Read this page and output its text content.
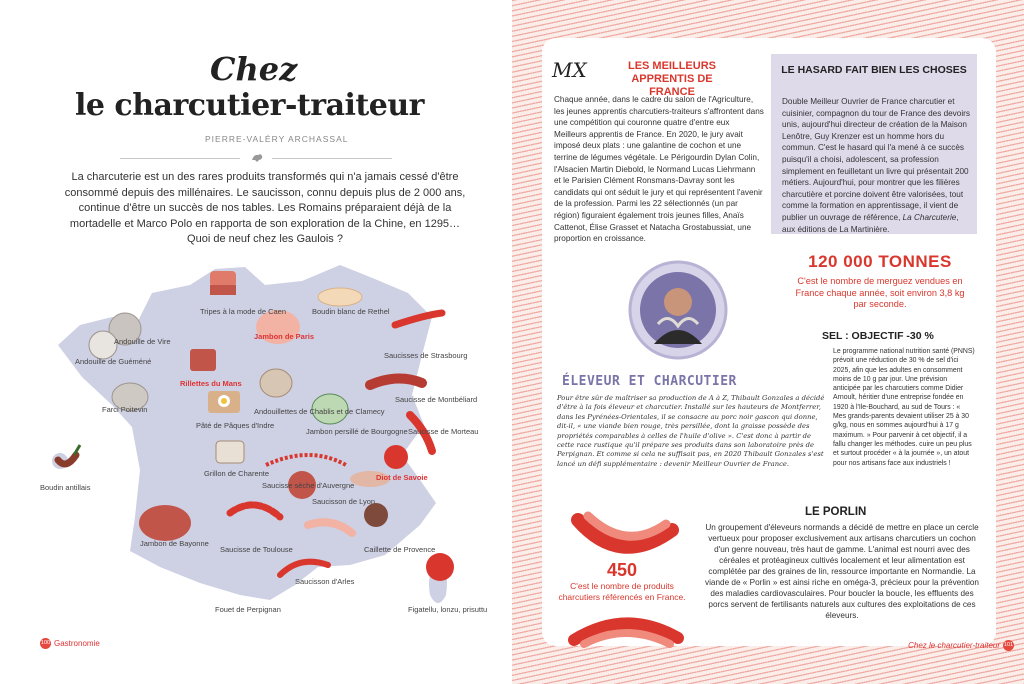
Chez
le charcutier-traiteur
PIERRE-VALÉRY ARCHASSAL

La charcuterie est un des rares produits transformés qui n'a jamais cessé d'être consommé depuis des millénaires. Le saucisson, connu depuis plus de 2 000 ans, continue d'être un succès de nos tables. Les Romains préparaient déjà de la mortadelle et Marco Polo en rapporta de son exploration de la Chine, en 1295… Quoi de neuf chez les Gaulois ?

Tripes à la mode de Caen	Boudin blanc de Rethel
Andouille de Vire
Andouille de Guéméné
Jambon de Paris
Saucisses de Strasbourg
Rillettes du Mans
Saucisse de Montbéliard
Farci Poitevin
Pâté de Pâques d'Indre
Andouillettes de Chablis et de Clamecy
Jambon persillé de Bourgogne Saucisse de Morteau
Boudin antillais
Grillon de Charente	Diot de Savoie
Saucisse sèche d'Auvergne
Saucisson de Lyon
Jambon de Bayonne
Saucisse de Toulouse	Caillette de Provence
Saucisson d'Arles
Fouet de Perpignan	Figatellu, lonzu, prisuttu
100 Gastronomie
MX	LES MEILLEURS APPRENTIS DE FRANCE

Chaque année, dans le cadre du salon de l'Agriculture, les jeunes apprentis charcutiers-traiteurs s'affrontent dans une compétition qui couronne quatre d'entre eux Meilleurs apprentis de France. En 2020, le jury avait imposé deux plats : une galantine de cochon et une terrine de légumes végétale. Le Périgourdin Dylan Colin, l'Alsacien Martin Diebold, le Normand Lucas Liehrmann et le Parisien Clément Ronsmans-Davray sont les candidats qui ont séduit le jury et qui représentent l'avenir de la profession. Parmi les 22 sélectionnés (un par région) figuraient également trois jeunes filles, Anaïs Cattenot, Élise Grasset et Natacha Grostabussiat, une proportion en croissance.

LE HASARD FAIT BIEN LES CHOSES

Double Meilleur Ouvrier de France charcutier et cuisinier, compagnon du tour de France des devoirs unis, aujourd'hui directeur de création de la Maison Lenôtre, Guy Krenzer est un homme hors du commun. C'est le hasard qui l'a mené à ce succès puisqu'il a choisi, adolescent, sa profession simplement en feuilletant un livre qui présentait 200 métiers. Aujourd'hui, pour montrer que les filières charcutière et porcine doivent être valorisées, tout comme la formation en apprentissage, il vient de publier un ouvrage de référence, La Charcuterie, aux éditions de La Martinière.

120 000 TONNES
C'est le nombre de merguez vendues en France chaque année, soit environ 3,8 kg par seconde.
SEL : OBJECTIF -30 %

Le programme national nutrition santé (PNNS) prévoit une réduction de 30 % de sel d'ici 2025, afin que les adultes en consomment moins de 10 g par jour. Une prévision anticipée par les charcutiers comme Didier Arnoult, héritier d'une entreprise fondée en 1920 à l'Ile-Bouchard, au sud de Tours : « Mes grands-parents devaient utiliser 25 à 30 g/kg, nous en sommes aujourd'hui à 17 g maximum. » Pour parvenir à cet objectif, il a fallu changer les méthodes. cuire un peu plus et surtout procéder « à la journée », un atout pour nos artisans face aux industriels !

ÉLEVEUR ET CHARCUTIER

Pour être sûr de maîtriser sa production de A à Z, Thibault Gonzales a décidé d'être à la fois éleveur et charcutier. Installé sur les hauteurs de Montferrer, dans les Pyrénées-Orientales, il se consacre au porc noir gascon qui donne, dit-il, « une viande bien rouge, très persillée, dont la graisse possède des propriétés comparables à celles de l'huile d'olive ». C'est donc à partir de cette race rustique qu'il prépare ses produits dans son laboratoire près de Perpignan. Et comme si cela ne suffisait pas, en 2020 Thibault Gonzales s'est lancé un défi supplémentaire : devenir Meilleur Ouvrier de France.

LE PORLIN

Un groupement d'éleveurs normands a décidé de mettre en place un cercle vertueux pour proposer exclusivement aux artisans charcutiers un cochon d'un genre nouveau, très haut de gamme. L'animal est nourri avec des céréales et protéagineux cultivés localement et leur alimentation est complétée par des graines de lin, ressource importante en Normandie. La viande de « Porlin » est ainsi riche en oméga-3, précieux pour la prévention des maladies cardiovasculaires. Pour boucler la boucle, les effluents des porcs servent de fertilisants naturels aux cultures des exploitations de ces éleveurs.

450
C'est le nombre de produits charcutiers référencés en France.
Chez le charcutier-traiteur 101
